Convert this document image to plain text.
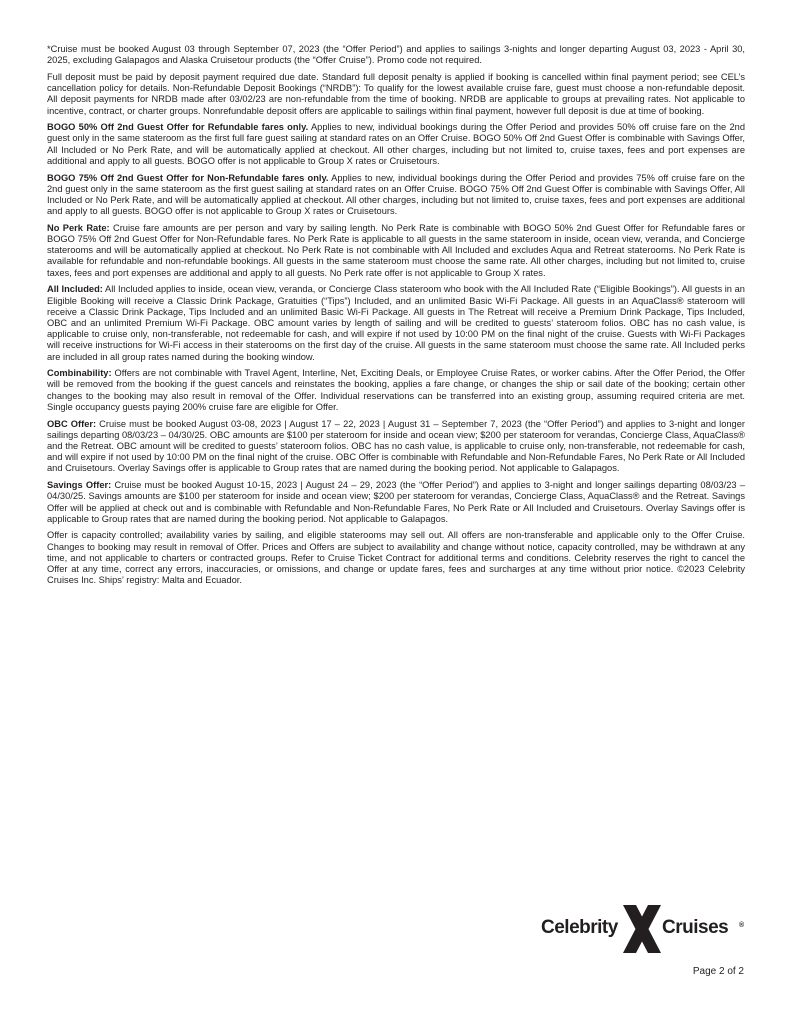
*Cruise must be booked August 03 through September 07, 2023 (the “Offer Period”) and applies to sailings 3-nights and longer departing August 03, 2023 - April 30, 2025, excluding Galapagos and Alaska Cruisetour products (the “Offer Cruise”). Promo code not required.

Full deposit must be paid by deposit payment required due date. Standard full deposit penalty is applied if booking is cancelled within final payment period; see CEL’s cancellation policy for details. Non-Refundable Deposit Bookings (“NRDB”): To qualify for the lowest available cruise fare, guest must choose a non-refundable deposit. All deposit payments for NRDB made after 03/02/23 are non-refundable from the time of booking. NRDB are applicable to groups at prevailing rates. Not applicable to incentive, contract, or charter groups. Nonrefundable deposit offers are applicable to sailings within final payment, however full deposit is due at time of booking.

BOGO 50% Off 2nd Guest Offer for Refundable fares only. Applies to new, individual bookings during the Offer Period and provides 50% off cruise fare on the 2nd guest only in the same stateroom as the first full fare guest sailing at standard rates on an Offer Cruise. BOGO 50% Off 2nd Guest Offer is combinable with Savings Offer, All Included or No Perk Rate, and will be automatically applied at checkout. All other charges, including but not limited to, cruise taxes, fees and port expenses are additional and apply to all guests. BOGO offer is not applicable to Group X rates or Cruisetours.

BOGO 75% Off 2nd Guest Offer for Non-Refundable fares only. Applies to new, individual bookings during the Offer Period and provides 75% off cruise fare on the 2nd guest only in the same stateroom as the first guest sailing at standard rates on an Offer Cruise. BOGO 75% Off 2nd Guest Offer is combinable with Savings Offer, All Included or No Perk Rate, and will be automatically applied at checkout. All other charges, including but not limited to, cruise taxes, fees and port expenses are additional and apply to all guests. BOGO offer is not applicable to Group X rates or Cruisetours.

No Perk Rate: Cruise fare amounts are per person and vary by sailing length. No Perk Rate is combinable with BOGO 50% 2nd Guest Offer for Refundable fares or BOGO 75% Off 2nd Guest Offer for Non-Refundable fares. No Perk Rate is applicable to all guests in the same stateroom in inside, ocean view, veranda, and Concierge staterooms and will be automatically applied at checkout. No Perk Rate is not combinable with All Included and excludes Aqua and Retreat staterooms. No Perk Rate is available for refundable and non-refundable bookings. All guests in the same stateroom must choose the same rate. All other charges, including but not limited to, cruise taxes, fees and port expenses are additional and apply to all guests. No Perk rate offer is not applicable to Group X rates.

All Included: All Included applies to inside, ocean view, veranda, or Concierge Class stateroom who book with the All Included Rate (“Eligible Bookings”). All guests in an Eligible Booking will receive a Classic Drink Package, Gratuities (“Tips”) Included, and an unlimited Basic Wi-Fi Package. All guests in an AquaClass® stateroom will receive a Classic Drink Package, Tips Included and an unlimited Basic Wi-Fi Package. All guests in The Retreat will receive a Premium Drink Package, Tips Included, OBC and an unlimited Premium Wi-Fi Package. OBC amount varies by length of sailing and will be credited to guests’ stateroom folios. OBC has no cash value, is applicable to cruise only, non-transferable, not redeemable for cash, and will expire if not used by 10:00 PM on the final night of the cruise. Guests with Wi-Fi Packages will receive instructions for Wi-Fi access in their staterooms on the first day of the cruise. All guests in the same stateroom must choose the same rate. All Included perks are included in all group rates named during the booking window.

Combinability: Offers are not combinable with Travel Agent, Interline, Net, Exciting Deals, or Employee Cruise Rates, or worker cabins. After the Offer Period, the Offer will be removed from the booking if the guest cancels and reinstates the booking, applies a fare change, or changes the ship or sail date of the booking; certain other changes to the booking may also result in removal of the Offer. Individual reservations can be transferred into an existing group, assuming required criteria are met. Single occupancy guests paying 200% cruise fare are eligible for Offer.

OBC Offer: Cruise must be booked August 03-08, 2023 | August 17 – 22, 2023 | August 31 – September 7, 2023 (the “Offer Period”) and applies to 3-night and longer sailings departing 08/03/23 – 04/30/25. OBC amounts are $100 per stateroom for inside and ocean view; $200 per stateroom for verandas, Concierge Class, AquaClass® and the Retreat. OBC amount will be credited to guests’ stateroom folios. OBC has no cash value, is applicable to cruise only, non-transferable, not redeemable for cash, and will expire if not used by 10:00 PM on the final night of the cruise. OBC Offer is combinable with Refundable and Non-Refundable Fares, No Perk Rate or All Included and Cruisetours. Overlay Savings offer is applicable to Group rates that are named during the booking period. Not applicable to Galapagos.

Savings Offer: Cruise must be booked August 10-15, 2023 | August 24 – 29, 2023 (the “Offer Period”) and applies to 3-night and longer sailings departing 08/03/23 – 04/30/25. Savings amounts are $100 per stateroom for inside and ocean view; $200 per stateroom for verandas, Concierge Class, AquaClass® and the Retreat. Savings Offer will be applied at check out and is combinable with Refundable and Non-Refundable Fares, No Perk Rate or All Included and Cruisetours. Overlay Savings offer is applicable to Group rates that are named during the booking period. Not applicable to Galapagos.

Offer is capacity controlled; availability varies by sailing, and eligible staterooms may sell out. All offers are non-transferable and applicable only to the Offer Cruise. Changes to booking may result in removal of Offer. Prices and Offers are subject to availability and change without notice, capacity controlled, may be withdrawn at any time, and not applicable to charters or contracted groups. Refer to Cruise Ticket Contract for additional terms and conditions. Celebrity reserves the right to cancel the Offer at any time, correct any errors, inaccuracies, or omissions, and change or update fares, fees and surcharges at any time without prior notice. ©2023 Celebrity Cruises Inc. Ships’ registry: Malta and Ecuador.

Celebrity Cruises ®
Page 2 of 2
